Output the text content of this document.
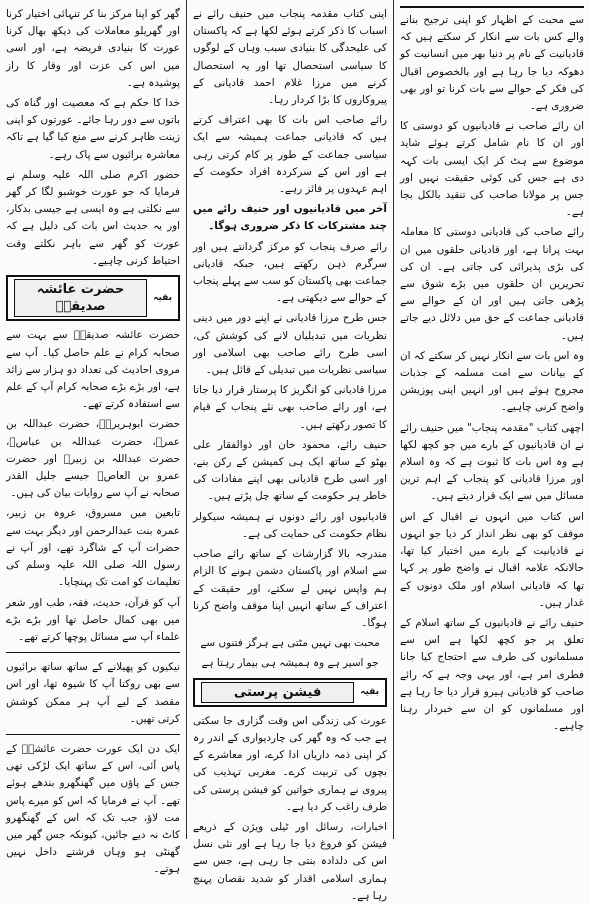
سے محبت کے اظہار کو اپنی ترجیح بنانے والے کس بات سے انکار کر سکتے ہیں کہ قادیانیت کے نام پر دنیا بھر میں انسانیت کو دھوکہ دیا جا رہا ہے اور بالخصوص اقبال کی فکر کے حوالے سے بات کرنا تو اور بھی ضروری ہے۔

ان رائے صاحب نے قادیانیوں کو دوستی کا اور ان کا نام شامل کرتے ہوئے شاید موضوع سے ہٹ کر ایک ایسی بات کہہ دی ہے جس کی کوئی حقیقت نہیں اور جس پر مولانا صاحب کی تنقید بالکل بجا ہے۔

رائے صاحب کی قادیانی دوستی کا معاملہ بہت پرانا ہے، اور قادیانی حلقوں میں ان کی بڑی پذیرائی کی جاتی ہے۔ ان کی تحریریں ان حلقوں میں بڑے شوق سے پڑھی جاتی ہیں اور ان کے حوالے سے قادیانی جماعت کے حق میں دلائل دیے جاتے ہیں۔

وہ اس بات سے انکار نہیں کر سکتے کہ ان کے بیانات سے امت مسلمہ کے جذبات مجروح ہوئے ہیں اور انہیں اپنی پوزیشن واضح کرنی چاہیے۔

اچھی کتاب "مقدمہ پنجاب" میں حنیف رائے نے ان قادیانیوں کے بارے میں جو کچھ لکھا ہے وہ اس بات کا ثبوت ہے کہ وہ اسلام اور مرزا قادیانی کو پنجاب کے اہم ترین مسائل میں سے ایک قرار دیتے ہیں۔

اس کتاب میں انہوں نے اقبال کے اس موقف کو بھی نظر انداز کر دیا جو انہوں نے قادیانیت کے بارے میں اختیار کیا تھا، حالانکہ علامہ اقبال نے واضح طور پر کہا تھا کہ قادیانی اسلام اور ملک دونوں کے غدار ہیں۔

حنیف رائے نے قادیانیوں کے ساتھ اسلام کے تعلق پر جو کچھ لکھا ہے اس سے مسلمانوں کی طرف سے احتجاج کیا جانا فطری امر ہے، اور یہی وجہ ہے کہ رائے صاحب کو قادیانی ہیرو قرار دیا جا رہا ہے اور مسلمانوں کو ان سے خبردار رہنا چاہیے۔

اپنی کتاب مقدمہ پنجاب میں حنیف رائے نے اسباب کا ذکر کرتے ہوئے لکھا ہے کہ پاکستان کی علیحدگی کا بنیادی سبب وہاں کے لوگوں کا سیاسی استحصال تھا اور یہ استحصال کرنے میں مرزا غلام احمد قادیانی کے پیروکاروں کا بڑا کردار رہا۔

رائے صاحب اس بات کا بھی اعتراف کرتے ہیں کہ قادیانی جماعت ہمیشہ سے ایک سیاسی جماعت کے طور پر کام کرتی رہی ہے اور اس کے سرکردہ افراد حکومت کے اہم عہدوں پر فائز رہے۔

آخر میں قادیانیوں اور حنیف رائے میں چند مشترکات کا ذکر ضروری ہوگا۔

رائے صرف پنجاب کو مرکز گردانتے ہیں اور سرگرم ذہن رکھتے ہیں، جبکہ قادیانی جماعت بھی پاکستان کو سب سے پہلے پنجاب کے حوالے سے دیکھتی ہے۔

جس طرح مرزا قادیانی نے اپنے دور میں دینی نظریات میں تبدیلیاں لانے کی کوشش کی، اسی طرح رائے صاحب بھی اسلامی اور سیاسی نظریات میں تبدیلی کے قائل ہیں۔

مرزا قادیانی کو انگریز کا پرستار قرار دیا جاتا ہے، اور رائے صاحب بھی نئے پنجاب کے قیام کا تصور رکھتے ہیں۔

حنیف رائے، محمود خان اور ذوالفقار علی بھٹو کے ساتھ ایک ہی کمیشن کے رکن بنے، اور اسی طرح قادیانی بھی اپنے مفادات کی خاطر ہر حکومت کے ساتھ چل پڑتے ہیں۔

قادیانیوں اور رائے دونوں نے ہمیشہ سیکولر نظام حکومت کی حمایت کی ہے۔

مندرجہ بالا گزارشات کے ساتھ رائے صاحب سے اسلام اور پاکستان دشمن ہونے کا الزام ہم واپس نہیں لے سکتے، اور حقیقت کے اعتراف کے ساتھ انہیں اپنا موقف واضح کرنا ہوگا۔

محبت بھی نہیں مٹتی ہے ہرگز فتنوں سے

جو اسیر ہے وہ ہمیشہ ہی بیمار رہتا ہے

بقیہ
فیشن پرستی

عورت کی زندگی اس وقت گزاری جا سکتی ہے جب کہ وہ گھر کی چاردیواری کے اندر رہ کر اپنی ذمہ داریاں ادا کرے، اور معاشرے کے بچوں کی تربیت کرے۔ مغربی تہذیب کی پیروی نے ہماری خواتین کو فیشن پرستی کی طرف راغب کر دیا ہے۔

اخبارات، رسائل اور ٹیلی ویژن کے ذریعے فیشن کو فروغ دیا جا رہا ہے اور نئی نسل اس کی دلدادہ بنتی جا رہی ہے، جس سے ہماری اسلامی اقدار کو شدید نقصان پہنچ رہا ہے۔

گھر کو اپنا مرکز بنا کر تنہائی اختیار کرنا اور گھریلو معاملات کی دیکھ بھال کرنا عورت کا بنیادی فریضہ ہے، اور اسی میں اس کی عزت اور وقار کا راز پوشیدہ ہے۔

خدا کا حکم ہے کہ معصیت اور گناہ کی باتوں سے دور رہا جائے۔ عورتوں کو اپنی زینت ظاہر کرنے سے منع کیا گیا ہے تاکہ معاشرہ برائیوں سے پاک رہے۔

حضور اکرم صلی اللہ علیہ وسلم نے فرمایا کہ جو عورت خوشبو لگا کر گھر سے نکلتی ہے وہ ایسی ہے جیسی بدکار، اور یہ حدیث اس بات کی دلیل ہے کہ عورت کو گھر سے باہر نکلتے وقت احتیاط کرنی چاہیے۔

بقیہ
حضرت عائشہ صدیقہؓ

حضرت عائشہ صدیقہؓ سے بہت سے صحابہ کرام نے علم حاصل کیا۔ آپ سے مروی احادیث کی تعداد دو ہزار سے زائد ہے، اور بڑے بڑے صحابہ کرام آپ کے علم سے استفادہ کرتے تھے۔

حضرت ابوہریرہؓ، حضرت عبداللہ بن عمرؓ، حضرت عبداللہ بن عباسؓ، حضرت عبداللہ بن زبیرؓ اور حضرت عمرو بن العاصؓ جیسے جلیل القدر صحابہ نے آپ سے روایات بیان کی ہیں۔

تابعین میں مسروق، عروہ بن زبیر، عمرہ بنت عبدالرحمن اور دیگر بہت سے حضرات آپ کے شاگرد تھے، اور آپ نے رسول اللہ صلی اللہ علیہ وسلم کی تعلیمات کو امت تک پہنچایا۔

آپ کو قرآن، حدیث، فقہ، طب اور شعر میں بھی کمال حاصل تھا اور بڑے بڑے علماء آپ سے مسائل پوچھا کرتے تھے۔

نیکیوں کو پھیلانے کے ساتھ ساتھ برائیوں سے بھی روکنا آپ کا شیوہ تھا، اور اس مقصد کے لیے آپ ہر ممکن کوشش کرتی تھیں۔

ایک دن ایک عورت حضرت عائشہؓ کے پاس آئی، اس کے ساتھ ایک لڑکی تھی جس کے پاؤں میں گھنگھرو بندھے ہوئے تھے۔ آپ نے فرمایا کہ اس کو میرے پاس مت لاؤ، جب تک کہ اس کے گھنگھرو کاٹ نہ دیے جائیں، کیونکہ جس گھر میں گھنٹی ہو وہاں فرشتے داخل نہیں ہوتے۔
